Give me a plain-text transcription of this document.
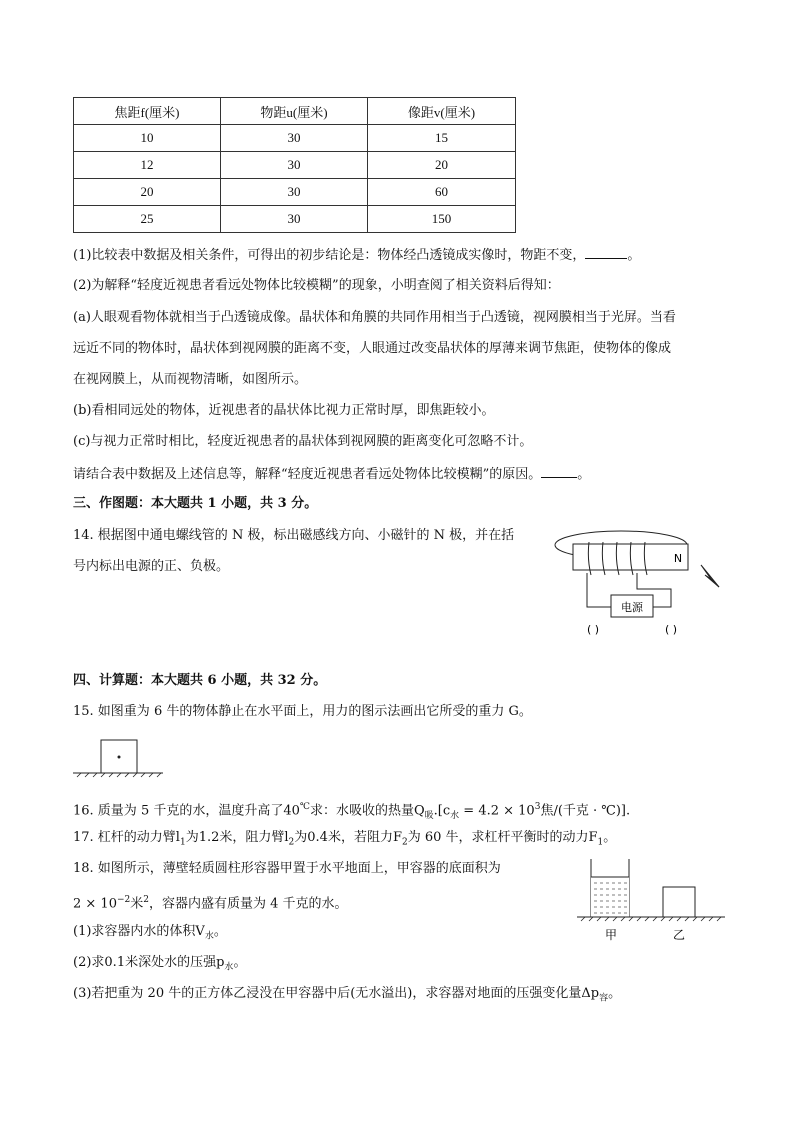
焦距f(厘米)	物距u(厘米)	像距v(厘米)
10	30	15
12	30	20
20	30	60
25	30	150
(1)比较表中数据及相关条件，可得出的初步结论是：物体经凸透镜成实像时，物距不变，	。
(2)为解释“轻度近视患者看远处物体比较模糊”的现象，小明查阅了相关资料后得知：
(a)人眼观看物体就相当于凸透镜成像。晶状体和角膜的共同作用相当于凸透镜，视网膜相当于光屏。当看
远近不同的物体时，晶状体到视网膜的距离不变，人眼通过改变晶状体的厚薄来调节焦距，使物体的像成
在视网膜上，从而视物清晰，如图所示。
(b)看相同远处的物体，近视患者的晶状体比视力正常时厚，即焦距较小。
(c)与视力正常时相比，轻度近视患者的晶状体到视网膜的距离变化可忽略不计。
请结合表中数据及上述信息等，解释“轻度近视患者看远处物体比较模糊”的原因。	。
三、作图题：本大题共 1 小题，共 3 分。
14. 根据图中通电螺线管的 N 极，标出磁感线方向、小磁针的 N 极，并在括
号内标出电源的正、负极。
N
电源
( )	( )
四、计算题：本大题共 6 小题，共 32 分。
15. 如图重为 6 牛的物体静止在水平面上，用力的图示法画出它所受的重力 G。
16. 质量为 5 千克的水，温度升高了40℃求：水吸收的热量$Q_吸.[c_水 = 4.2 \times 10^3$焦/(千克 · ℃)].
17. 杠杆的动力臂$l_1$为1.2米，阻力臂$l_2$为0.4米，若阻力$F_2$为 60 牛，求杠杆平衡时的动力$F_1$。
18. 如图所示，薄壁轻质圆柱形容器甲置于水平地面上，甲容器的底面积为
$2 \times 10^{-2}$米$^2$，容器内盛有质量为 4 千克的水。
(1)求容器内水的体积$V_水$。
(2)求0.1米深处水的压强$p_水$。
(3)若把重为 20 牛的正方体乙浸没在甲容器中后(无水溢出)，求容器对地面的压强变化量$\Delta p_容$。
甲	乙
